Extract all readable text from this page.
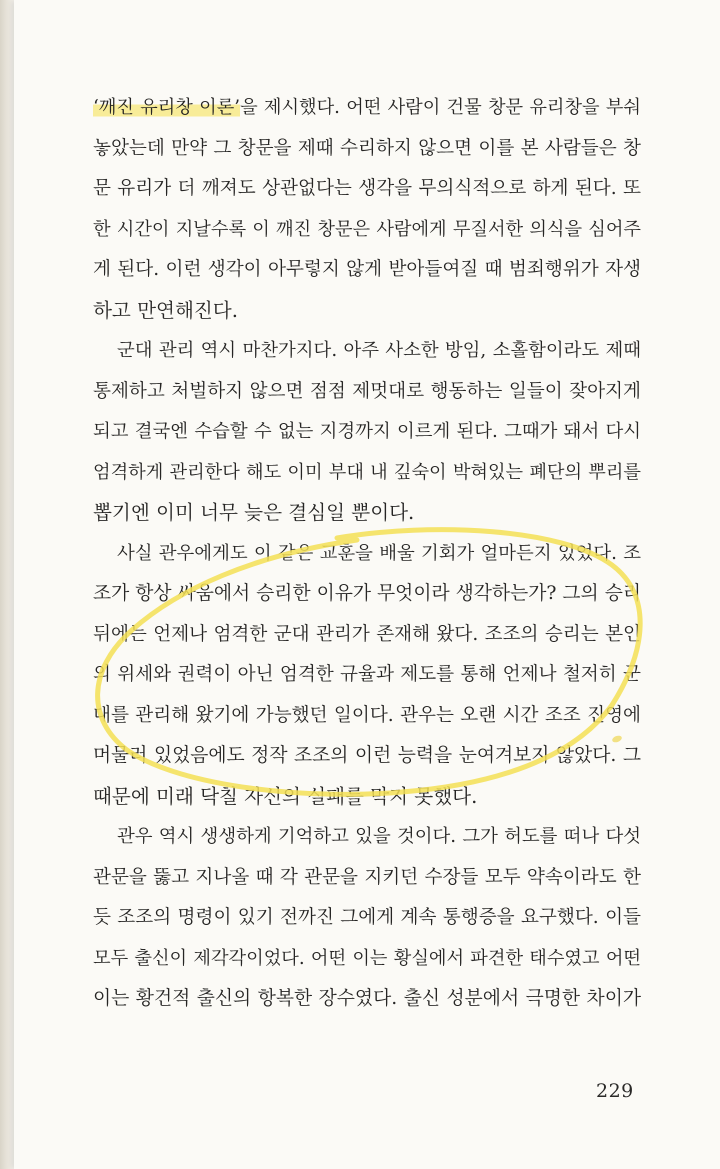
‘깨진 유리창 이론’을 제시했다. 어떤 사람이 건물 창문 유리창을 부숴
놓았는데 만약 그 창문을 제때 수리하지 않으면 이를 본 사람들은 창
문 유리가 더 깨져도 상관없다는 생각을 무의식적으로 하게 된다. 또
한 시간이 지날수록 이 깨진 창문은 사람에게 무질서한 의식을 심어주
게 된다. 이런 생각이 아무렇지 않게 받아들여질 때 범죄행위가 자생
하고 만연해진다.
군대 관리 역시 마찬가지다. 아주 사소한 방임, 소홀함이라도 제때
통제하고 처벌하지 않으면 점점 제멋대로 행동하는 일들이 잦아지게
되고 결국엔 수습할 수 없는 지경까지 이르게 된다. 그때가 돼서 다시
엄격하게 관리한다 해도 이미 부대 내 깊숙이 박혀있는 폐단의 뿌리를
뽑기엔 이미 너무 늦은 결심일 뿐이다.
사실 관우에게도 이 같은 교훈을 배울 기회가 얼마든지 있었다. 조
조가 항상 싸움에서 승리한 이유가 무엇이라 생각하는가? 그의 승리
뒤에는 언제나 엄격한 군대 관리가 존재해 왔다. 조조의 승리는 본인
의 위세와 권력이 아닌 엄격한 규율과 제도를 통해 언제나 철저히 군
대를 관리해 왔기에 가능했던 일이다. 관우는 오랜 시간 조조 진영에
머물러 있었음에도 정작 조조의 이런 능력을 눈여겨보지 않았다. 그
때문에 미래 닥칠 자신의 실패를 막지 못했다.
관우 역시 생생하게 기억하고 있을 것이다. 그가 허도를 떠나 다섯
관문을 뚫고 지나올 때 각 관문을 지키던 수장들 모두 약속이라도 한
듯 조조의 명령이 있기 전까진 그에게 계속 통행증을 요구했다. 이들
모두 출신이 제각각이었다. 어떤 이는 황실에서 파견한 태수였고 어떤
이는 황건적 출신의 항복한 장수였다. 출신 성분에서 극명한 차이가
229
